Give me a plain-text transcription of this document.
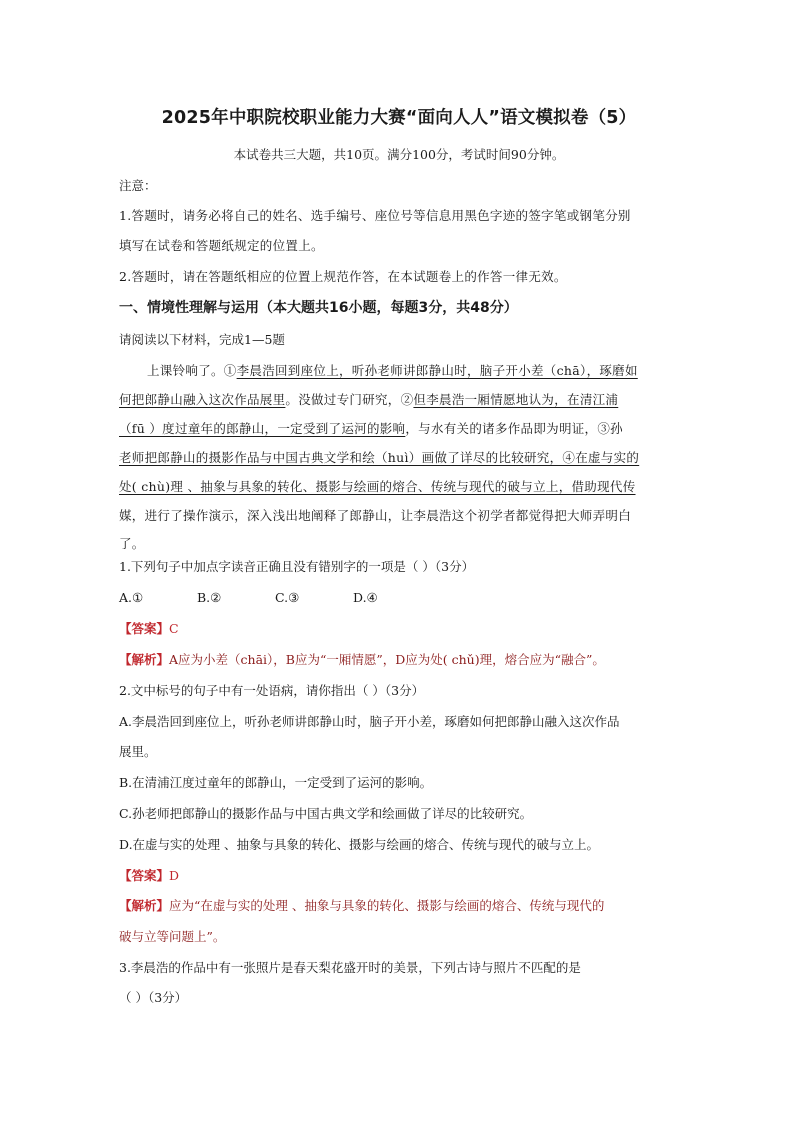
2025年中职院校职业能力大赛“面向人人”语文模拟卷（5）
本试卷共三大题，共10页。满分100分，考试时间90分钟。
注意：
1.答题时，请务必将自己的姓名、选手编号、座位号等信息用黑色字迹的签字笔或钢笔分别
填写在试卷和答题纸规定的位置上。
2.答题时，请在答题纸相应的位置上规范作答，在本试题卷上的作答一律无效。
一、情境性理解与运用（本大题共16小题，每题3分，共48分）
请阅读以下材料，完成1—5题
上课铃响了。①李晨浩回到座位上，听孙老师讲郎静山时，脑子开小差（chā），琢磨如
何把郎静山融入这次作品展里。没做过专门研究，②但李晨浩一厢情愿地认为，在清江浦
（fū ）度过童年的郎静山，一定受到了运河的影响，与水有关的诸多作品即为明证，③孙
老师把郎静山的摄影作品与中国古典文学和绘（huì）画做了详尽的比较研究，④在虚与实的
处( chù)理 、抽象与具象的转化、摄影与绘画的熔合、传统与现代的破与立上，借助现代传
媒，进行了操作演示，深入浅出地阐释了郎静山，让李晨浩这个初学者都觉得把大师弄明白
了。
1.下列句子中加点字读音正确且没有错别字的一项是（ ）（3分）
A.①	B.②	C.③	D.④
【答案】C
【解析】A应为小差（chāi），B应为“一厢情愿”，D应为处( chǔ)理，熔合应为“融合”。
2.文中标号的句子中有一处语病，请你指出（ ）（3分）
A.李晨浩回到座位上，听孙老师讲郎静山时，脑子开小差，琢磨如何把郎静山融入这次作品
展里。
B.在清浦江度过童年的郎静山，一定受到了运河的影响。
C.孙老师把郎静山的摄影作品与中国古典文学和绘画做了详尽的比较研究。
D.在虚与实的处理 、抽象与具象的转化、摄影与绘画的熔合、传统与现代的破与立上。
【答案】D
【解析】应为“在虚与实的处理 、抽象与具象的转化、摄影与绘画的熔合、传统与现代的
破与立等问题上”。
3.李晨浩的作品中有一张照片是春天梨花盛开时的美景，下列古诗与照片不匹配的是
（ ）（3分）
